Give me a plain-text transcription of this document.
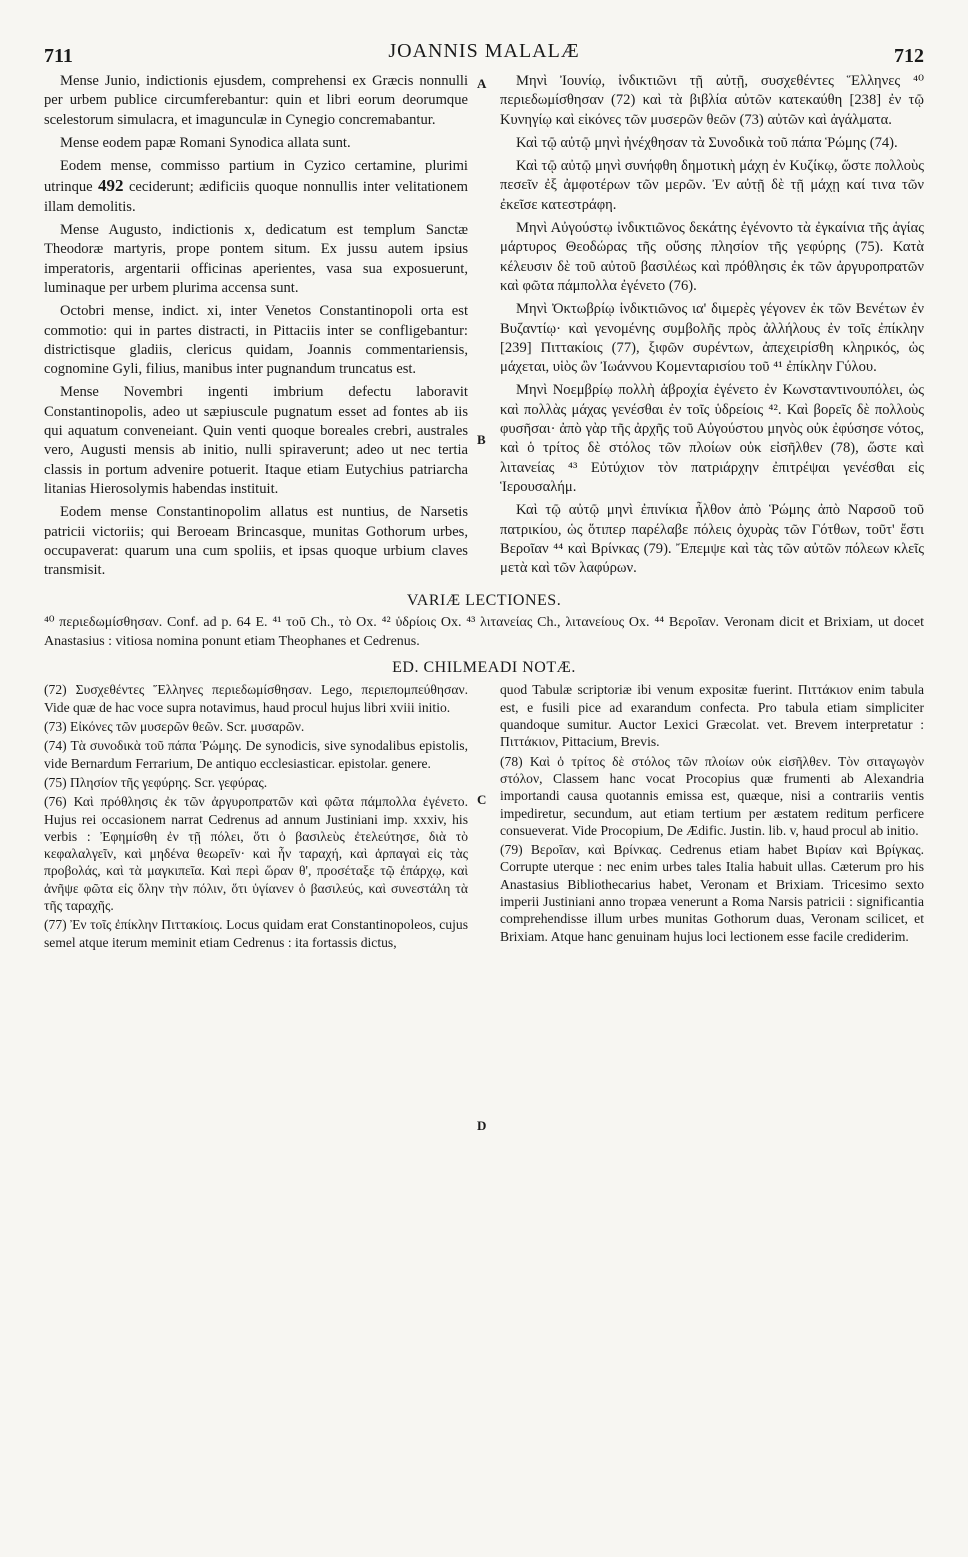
711	JOANNIS MALALÆ	712
A
B
C
D

Mense Junio, indictionis ejusdem, comprehensi ex Græcis nonnulli per urbem publice circumferebantur: quin et libri eorum deorumque scelestorum simulacra, et imagunculæ in Cynegio concremabantur.

Mense eodem papæ Romani Synodica allata sunt.

Eodem mense, commisso partium in Cyzico certamine, plurimi utrinque 492 ceciderunt; ædificiis quoque nonnullis inter velitationem illam demolitis.

Mense Augusto, indictionis x, dedicatum est templum Sanctæ Theodoræ martyris, prope pontem situm. Ex jussu autem ipsius imperatoris, argentarii officinas aperientes, vasa sua exposuerunt, luminaque per urbem plurima accensa sunt.

Octobri mense, indict. xi, inter Venetos Constantinopoli orta est commotio: qui in partes distracti, in Pittaciis inter se confligebantur: districtisque gladiis, clericus quidam, Joannis commentariensis, cognomine Gyli, filius, manibus inter pugnandum truncatus est.

Mense Novembri ingenti imbrium defectu laboravit Constantinopolis, adeo ut sæpiuscule pugnatum esset ad fontes ab iis qui aquatum conveneiant. Quin venti quoque boreales crebri, australes vero, Augusti mensis ab initio, nulli spiraverunt; adeo ut nec tertia classis in portum advenire potuerit. Itaque etiam Eutychius patriarcha litanias Hierosolymis habendas instituit.

Eodem mense Constantinopolim allatus est nuntius, de Narsetis patricii victoriis; qui Beroeam Brincasque, munitas Gothorum urbes, occupaverat: quarum una cum spoliis, et ipsas quoque urbium claves transmisit.

Μηνὶ Ἰουνίῳ, ἰνδικτιῶνι τῇ αὐτῇ, συσχεθέντες Ἕλληνες ⁴⁰ περιεδωμίσθησαν (72) καὶ τὰ βιβλία αὐτῶν κατεκαύθη [238] ἐν τῷ Κυνηγίῳ καὶ εἰκόνες τῶν μυσερῶν θεῶν (73) αὐτῶν καὶ ἀγάλματα.

Καὶ τῷ αὐτῷ μηνὶ ἠνέχθησαν τὰ Συνοδικὰ τοῦ πάπα Ῥώμης (74).

Καὶ τῷ αὐτῷ μηνὶ συνήφθη δημοτικὴ μάχη ἐν Κυζίκῳ, ὥστε πολλοὺς πεσεῖν ἐξ ἀμφοτέρων τῶν μερῶν. Ἐν αὐτῇ δὲ τῇ μάχῃ καί τινα τῶν ἐκεῖσε κατεστράφη.

Μηνὶ Αὐγούστῳ ἰνδικτιῶνος δεκάτης ἐγένοντο τὰ ἐγκαίνια τῆς ἁγίας μάρτυρος Θεοδώρας τῆς οὔσης πλησίον τῆς γεφύρης (75). Κατὰ κέλευσιν δὲ τοῦ αὐτοῦ βασιλέως καὶ πρόθλησις ἐκ τῶν ἀργυροπρατῶν καὶ φῶτα πάμπολλα ἐγένετο (76).

Μηνὶ Ὀκτωβρίῳ ἰνδικτιῶνος ια' διμερὲς γέγονεν ἐκ τῶν Βενέτων ἐν Βυζαντίῳ· καὶ γενομένης συμβολῆς πρὸς ἀλλήλους ἐν τοῖς ἐπίκλην [239] Πιττακίοις (77), ξιφῶν συρέντων, ἀπεχειρίσθη κληρικός, ὡς μάχεται, υἱὸς ὢν Ἰωάννου Κομενταρισίου τοῦ ⁴¹ ἐπίκλην Γύλου.

Μηνὶ Νοεμβρίῳ πολλὴ ἀβροχία ἐγένετο ἐν Κωνσταντινουπόλει, ὡς καὶ πολλὰς μάχας γενέσθαι ἐν τοῖς ὑδρείοις ⁴². Καὶ βορεῖς δὲ πολλοὺς φυσῆσαι· ἀπὸ γὰρ τῆς ἀρχῆς τοῦ Αὐγούστου μηνὸς οὐκ ἐφύσησε νότος, καὶ ὁ τρίτος δὲ στόλος τῶν πλοίων οὐκ εἰσῆλθεν (78), ὥστε καὶ λιτανείας ⁴³ Εὐτύχιον τὸν πατριάρχην ἐπιτρέψαι γενέσθαι εἰς Ἱερουσαλήμ.

Καὶ τῷ αὐτῷ μηνὶ ἐπινίκια ἦλθον ἀπὸ Ῥώμης ἀπὸ Ναρσοῦ τοῦ πατρικίου, ὡς ὅτιπερ παρέλαβε πόλεις ὀχυρὰς τῶν Γότθων, τοῦτ' ἔστι Βεροῖαν ⁴⁴ καὶ Βρίνκας (79). Ἔπεμψε καὶ τὰς τῶν αὐτῶν πόλεων κλεῖς μετὰ καὶ τῶν λαφύρων.

VARIÆ LECTIONES.

⁴⁰ περιεδωμίσθησαν. Conf. ad p. 64 E. ⁴¹ τοῦ Ch., τὸ Ox. ⁴² ὑδρίοις Ox. ⁴³ λιτανείας Ch., λιτανείους Ox. ⁴⁴ Βεροῖαν. Veronam dicit et Brixiam, ut docet Anastasius : vitiosa nomina ponunt etiam Theophanes et Cedrenus.

ED. CHILMEADI NOTÆ.

(72) Συσχεθέντες Ἕλληνες περιεδωμίσθησαν. Lego, περιεπομπεύθησαν. Vide quæ de hac voce supra notavimus, haud procul hujus libri xviii initio.

(73) Εἰκόνες τῶν μυσερῶν θεῶν. Scr. μυσαρῶν.

(74) Τὰ συνοδικὰ τοῦ πάπα Ῥώμης. De synodicis, sive synodalibus epistolis, vide Bernardum Ferrarium, De antiquo ecclesiasticar. epistolar. genere.

(75) Πλησίον τῆς γεφύρης. Scr. γεφύρας.

(76) Καὶ πρόθλησις ἐκ τῶν ἀργυροπρατῶν καὶ φῶτα πάμπολλα ἐγένετο. Hujus rei occasionem narrat Cedrenus ad annum Justiniani imp. xxxiv, his verbis : Ἐφημίσθη ἐν τῇ πόλει, ὅτι ὁ βασιλεὺς ἐτελεύτησε, διὰ τὸ κεφαλαλγεῖν, καὶ μηδένα θεωρεῖν· καὶ ἦν ταραχή, καὶ ἁρπαγαὶ εἰς τὰς προβολάς, καὶ τὰ μαγκιπεῖα. Καὶ περὶ ὥραν θ', προσέταξε τῷ ἐπάρχῳ, καὶ ἀνῆψε φῶτα εἰς ὅλην τὴν πόλιν, ὅτι ὑγίανεν ὁ βασιλεύς, καὶ συνεστάλη τὰ τῆς ταραχῆς.

(77) Ἐν τοῖς ἐπίκλην Πιττακίοις. Locus quidam erat Constantinopoleos, cujus semel atque iterum meminit etiam Cedrenus : ita fortassis dictus,

quod Tabulæ scriptoriæ ibi venum expositæ fuerint. Πιττάκιον enim tabula est, e fusili pice ad exarandum confecta. Pro tabula etiam simpliciter quandoque sumitur. Auctor Lexici Græcolat. vet. Brevem interpretatur : Πιττάκιον, Pittacium, Brevis.

(78) Καὶ ὁ τρίτος δὲ στόλος τῶν πλοίων οὐκ εἰσῆλθεν. Τὸν σιταγωγὸν στόλον, Classem hanc vocat Procopius quæ frumenti ab Alexandria importandi causa quotannis emissa est, quæque, nisi a contrariis ventis impediretur, secundum, aut etiam tertium per æstatem reditum perficere consueverat. Vide Procopium, De Ædific. Justin. lib. v, haud procul ab initio.

(79) Βεροῖαν, καὶ Βρίνκας. Cedrenus etiam habet Βιρίαν καὶ Βρίγκας. Corrupte uterque : nec enim urbes tales Italia habuit ullas. Cæterum pro his Anastasius Bibliothecarius habet, Veronam et Brixiam. Tricesimo sexto imperii Justiniani anno tropæa venerunt a Roma Narsis patricii : significantia comprehendisse illum urbes munitas Gothorum duas, Veronam scilicet, et Brixiam. Atque hanc genuinam hujus loci lectionem esse facile crediderim.
